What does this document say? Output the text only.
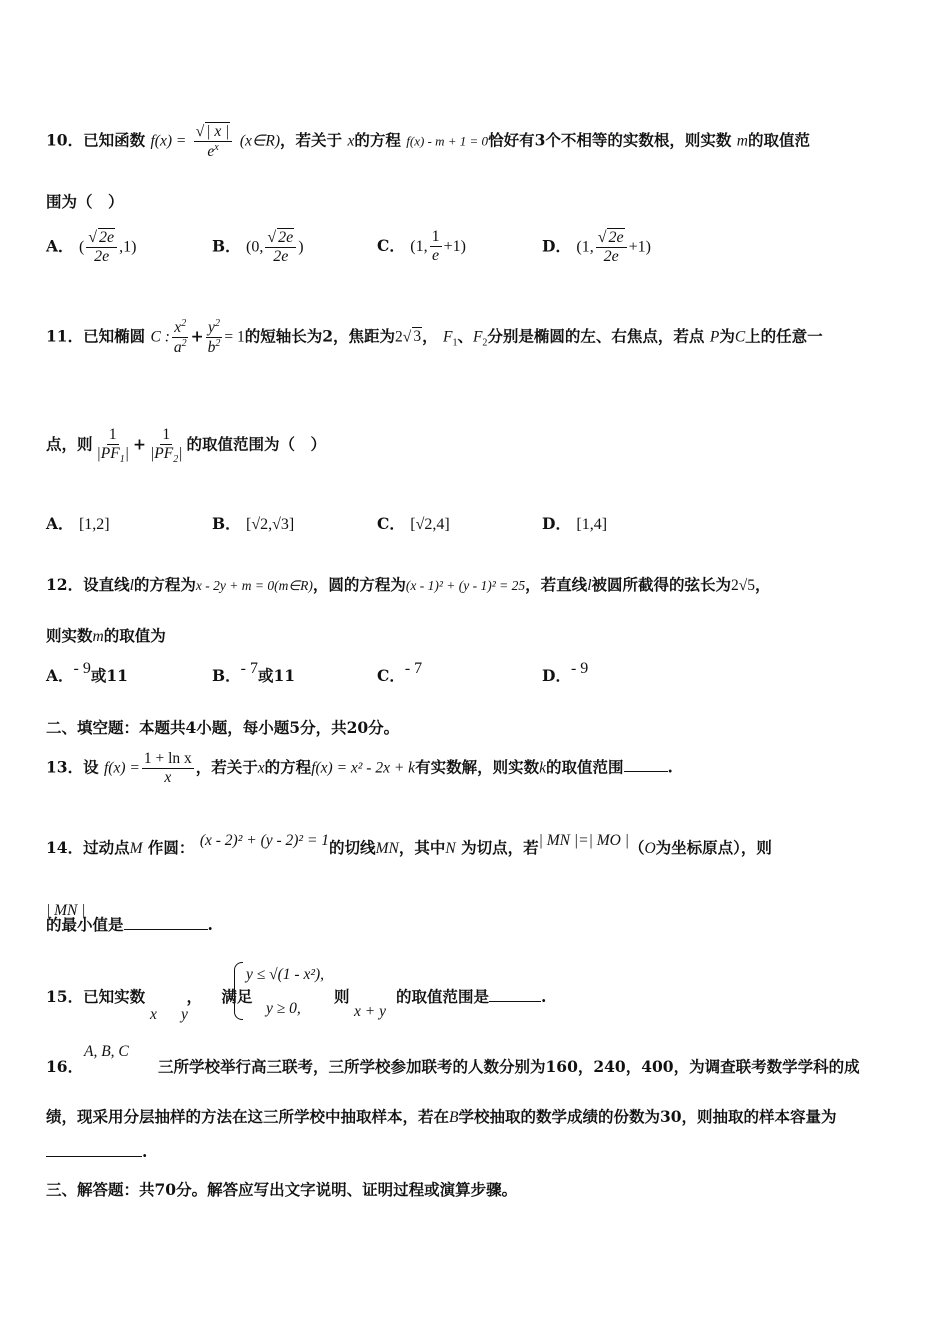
10．已知函数 $f(x) = \frac{√ | x |}{e^x}$ (x∈R)，若关于 x的方程 f(x) - m + 1 = 0恰好有3个不相等的实数根，则实数 m的取值范
围为（　）
A． ( $\frac{√ 2e}{2e} ,1$)	B． (0, $\frac{√ 2e}{2e}$ )	C． (1, $\frac{1}{e} +1$)	D． (1, $\frac{√ 2e}{2e} +1$)
11．已知椭圆 C : $\frac{x^2}{a^2} + \frac{y^2}{b^2} = 1$的短轴长为2，焦距为2√ 3， $F_1$、$F_2$分别是椭圆的左、右焦点，若点 P为C上的任意一
点，则 $\frac{1}{|PF_1|} + \frac{1}{|PF_2|}$ 的取值范围为（　）
A． [1,2]	B． [√2,√3]	C． [√2,4]	D． [1,4]
12．设直线l的方程为x - 2y + m = 0(m∈R)，圆的方程为(x - 1)² + (y - 1)² = 25，若直线l被圆所截得的弦长为2√5，
则实数m的取值为
A．- 9或11	B．- 7或11	C．- 7	D．- 9
二、填空题：本题共4小题，每小题5分，共20分。
13．设 $f(x) = \frac{\text{1 + ln x}}{x}$ ，若关于x的方程f(x) = x² - 2x + k有实数解，则实数k的取值范围	.
14．过动点M 作圆： (x - 2)² + (y - 2)² = 1的切线MN，其中N 为切点，若| MN |=| MO |（O为坐标原点），则
| MN |
的最小值是	.
15．已知实数	， 满足
x y
y ≤ √(1 - x²),
y ≥ 0,
则
x + y
的取值范围是	.
16．
A, B, C
三所学校举行高三联考，三所学校参加联考的人数分别为160，240，400，为调查联考数学学科的成
绩，现采用分层抽样的方法在这三所学校中抽取样本，若在B学校抽取的数学成绩的份数为30，则抽取的样本容量为
.
三、解答题：共70分。解答应写出文字说明、证明过程或演算步骤。
